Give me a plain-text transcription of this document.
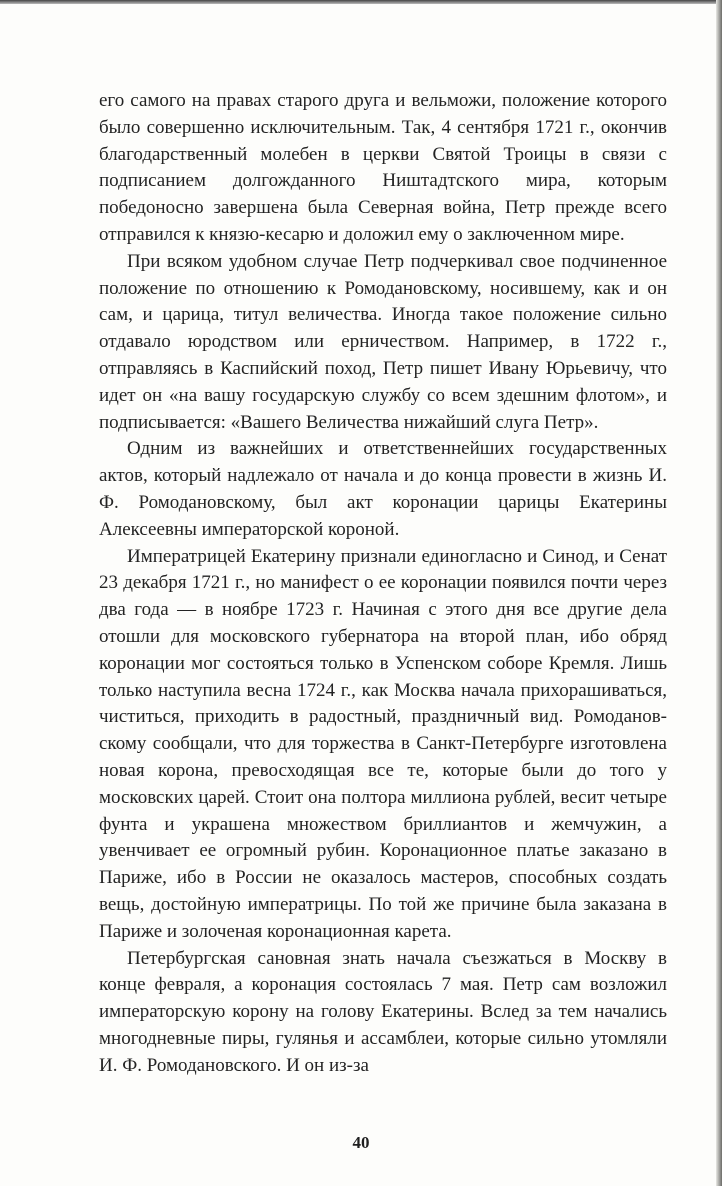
его самого на правах старого друга и вельможи, положение которого было совершенно исключительным. Так, 4 сентября 1721 г., окончив благодарственный молебен в церкви Святой Троицы в связи с подписанием долгожданного Ништадтского мира, которым победоносно завершена была Северная война, Петр прежде всего отправился к князю-кесарю и доложил ему о заключенном мире.

При всяком удобном случае Петр подчеркивал свое подчиненное положение по отношению к Ромодановскому, носившему, как и он сам, и царица, титул величества. Иногда такое положение сильно отдавало юродством или ерничеством. Например, в 1722 г., отправляясь в Каспийский поход, Петр пишет Ивану Юрьевичу, что идет он «на вашу государскую службу со всем здешним флотом», и подписывается: «Вашего Величества нижайший слуга Петр».

Одним из важнейших и ответственнейших государственных актов, который надлежало от начала и до конца провести в жизнь И. Ф. Ромодановскому, был акт коронации царицы Екатерины Алексеевны императорской короной.

Императрицей Екатерину признали единогласно и Синод, и Сенат 23 декабря 1721 г., но манифест о ее коронации появился почти через два года — в ноябре 1723 г. Начиная с этого дня все другие дела отошли для московского губернатора на второй план, ибо обряд коронации мог состояться только в Успенском соборе Кремля. Лишь только наступила весна 1724 г., как Москва начала прихорашиваться, чиститься, приходить в радостный, праздничный вид. Ромодановскому сообщали, что для торжества в Санкт-Петербурге изготовлена новая корона, превосходящая все те, которые были до того у московских царей. Стоит она полтора миллиона рублей, весит четыре фунта и украшена множеством бриллиантов и жемчужин, а увенчивает ее огромный рубин. Коронационное платье заказано в Париже, ибо в России не оказалось мастеров, способных создать вещь, достойную императрицы. По той же причине была заказана в Париже и золоченая коронационная карета.

Петербургская сановная знать начала съезжаться в Москву в конце февраля, а коронация состоялась 7 мая. Петр сам возложил императорскую корону на голову Екатерины. Вслед за тем начались многодневные пиры, гулянья и ассамблеи, которые сильно утомляли И. Ф. Ромодановского. И он из-за

40
